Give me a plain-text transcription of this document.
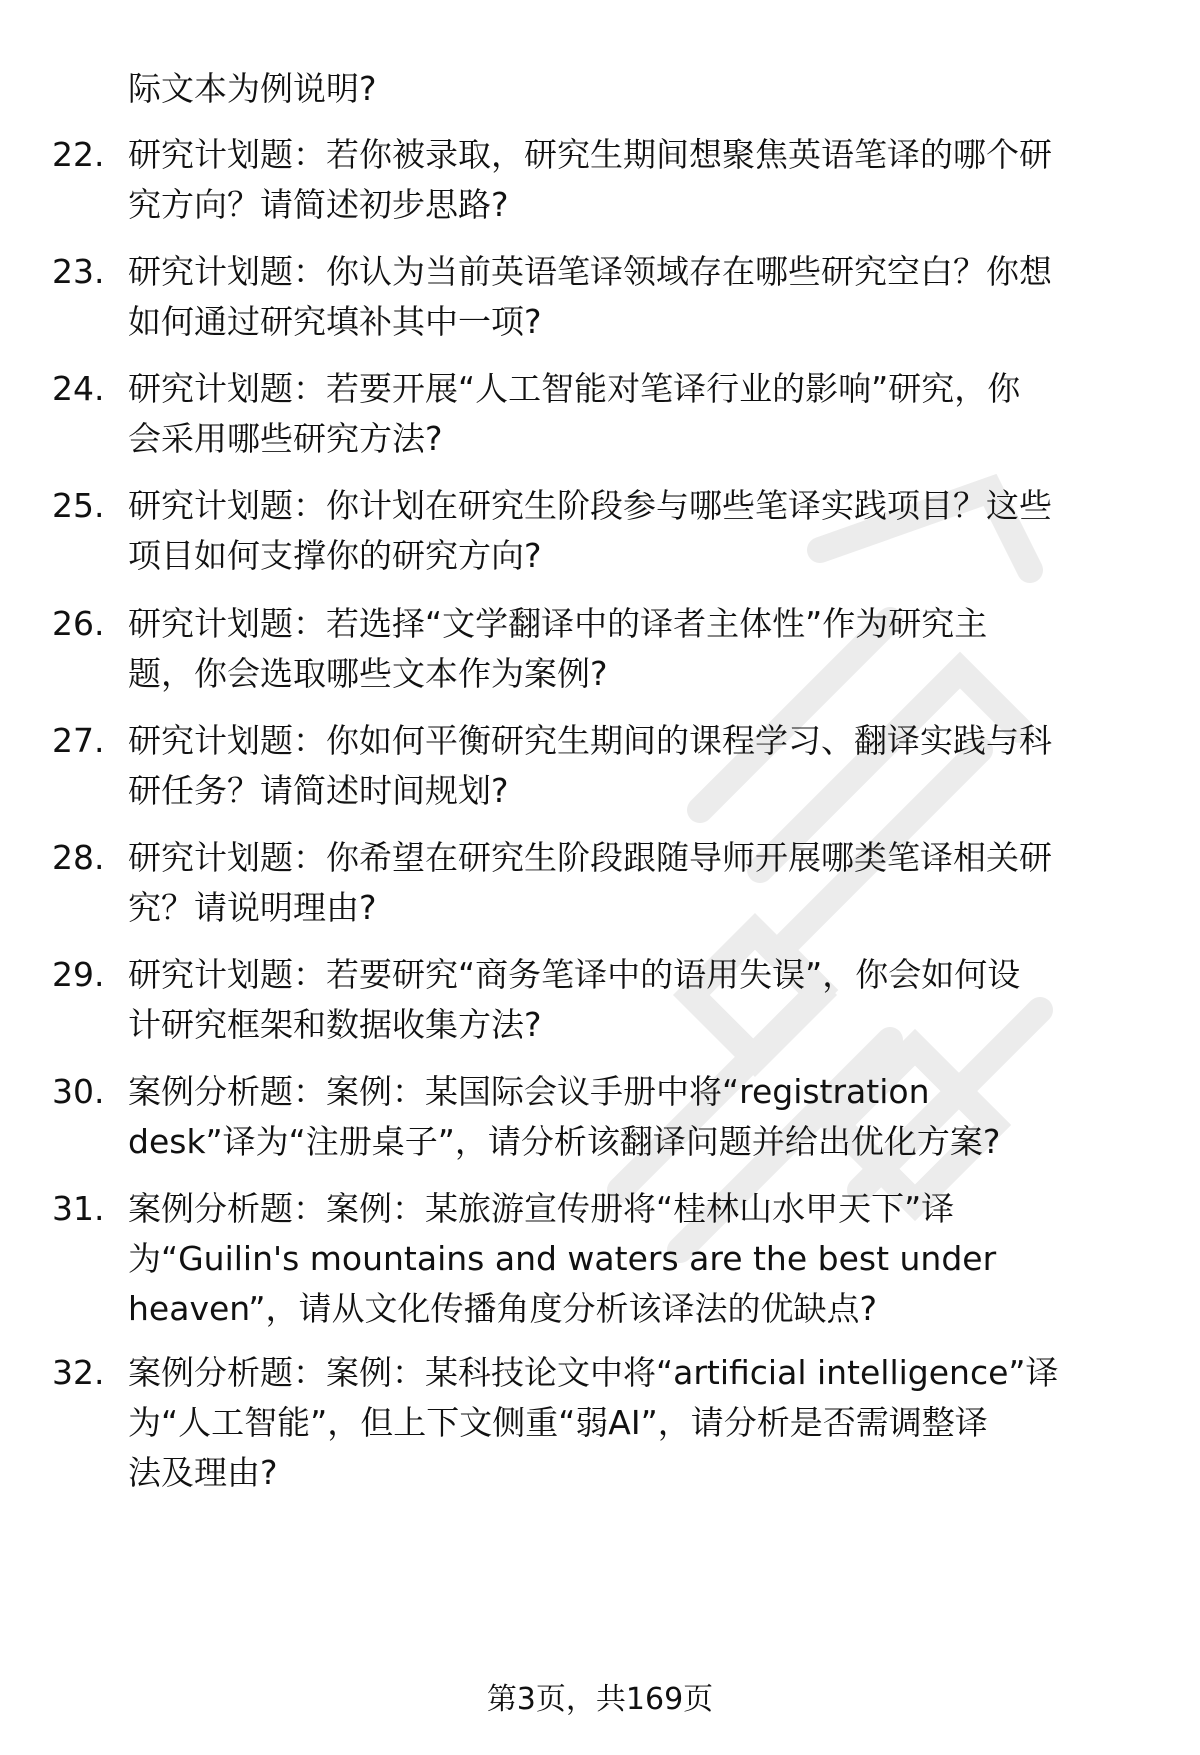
际文本为例说明?
22. 研究计划题：若你被录取，研究生期间想聚焦英语笔译的哪个研
究方向？请简述初步思路?
23. 研究计划题：你认为当前英语笔译领域存在哪些研究空白？你想
如何通过研究填补其中一项?
24. 研究计划题：若要开展“人工智能对笔译行业的影响”研究，你
会采用哪些研究方法?
25. 研究计划题：你计划在研究生阶段参与哪些笔译实践项目？这些
项目如何支撑你的研究方向?
26. 研究计划题：若选择“文学翻译中的译者主体性”作为研究主
题，你会选取哪些文本作为案例?
27. 研究计划题：你如何平衡研究生期间的课程学习、翻译实践与科
研任务？请简述时间规划?
28. 研究计划题：你希望在研究生阶段跟随导师开展哪类笔译相关研
究？请说明理由?
29. 研究计划题：若要研究“商务笔译中的语用失误”，你会如何设
计研究框架和数据收集方法?
30. 案例分析题：案例：某国际会议手册中将“registration
desk”译为“注册桌子”，请分析该翻译问题并给出优化方案?
31. 案例分析题：案例：某旅游宣传册将“桂林山水甲天下”译
为“Guilin's mountains and waters are the best under
heaven”，请从文化传播角度分析该译法的优缺点?
32. 案例分析题：案例：某科技论文中将“artificial intelligence”译
为“人工智能”，但上下文侧重“弱AI”，请分析是否需调整译
法及理由?
第3页，共169页
